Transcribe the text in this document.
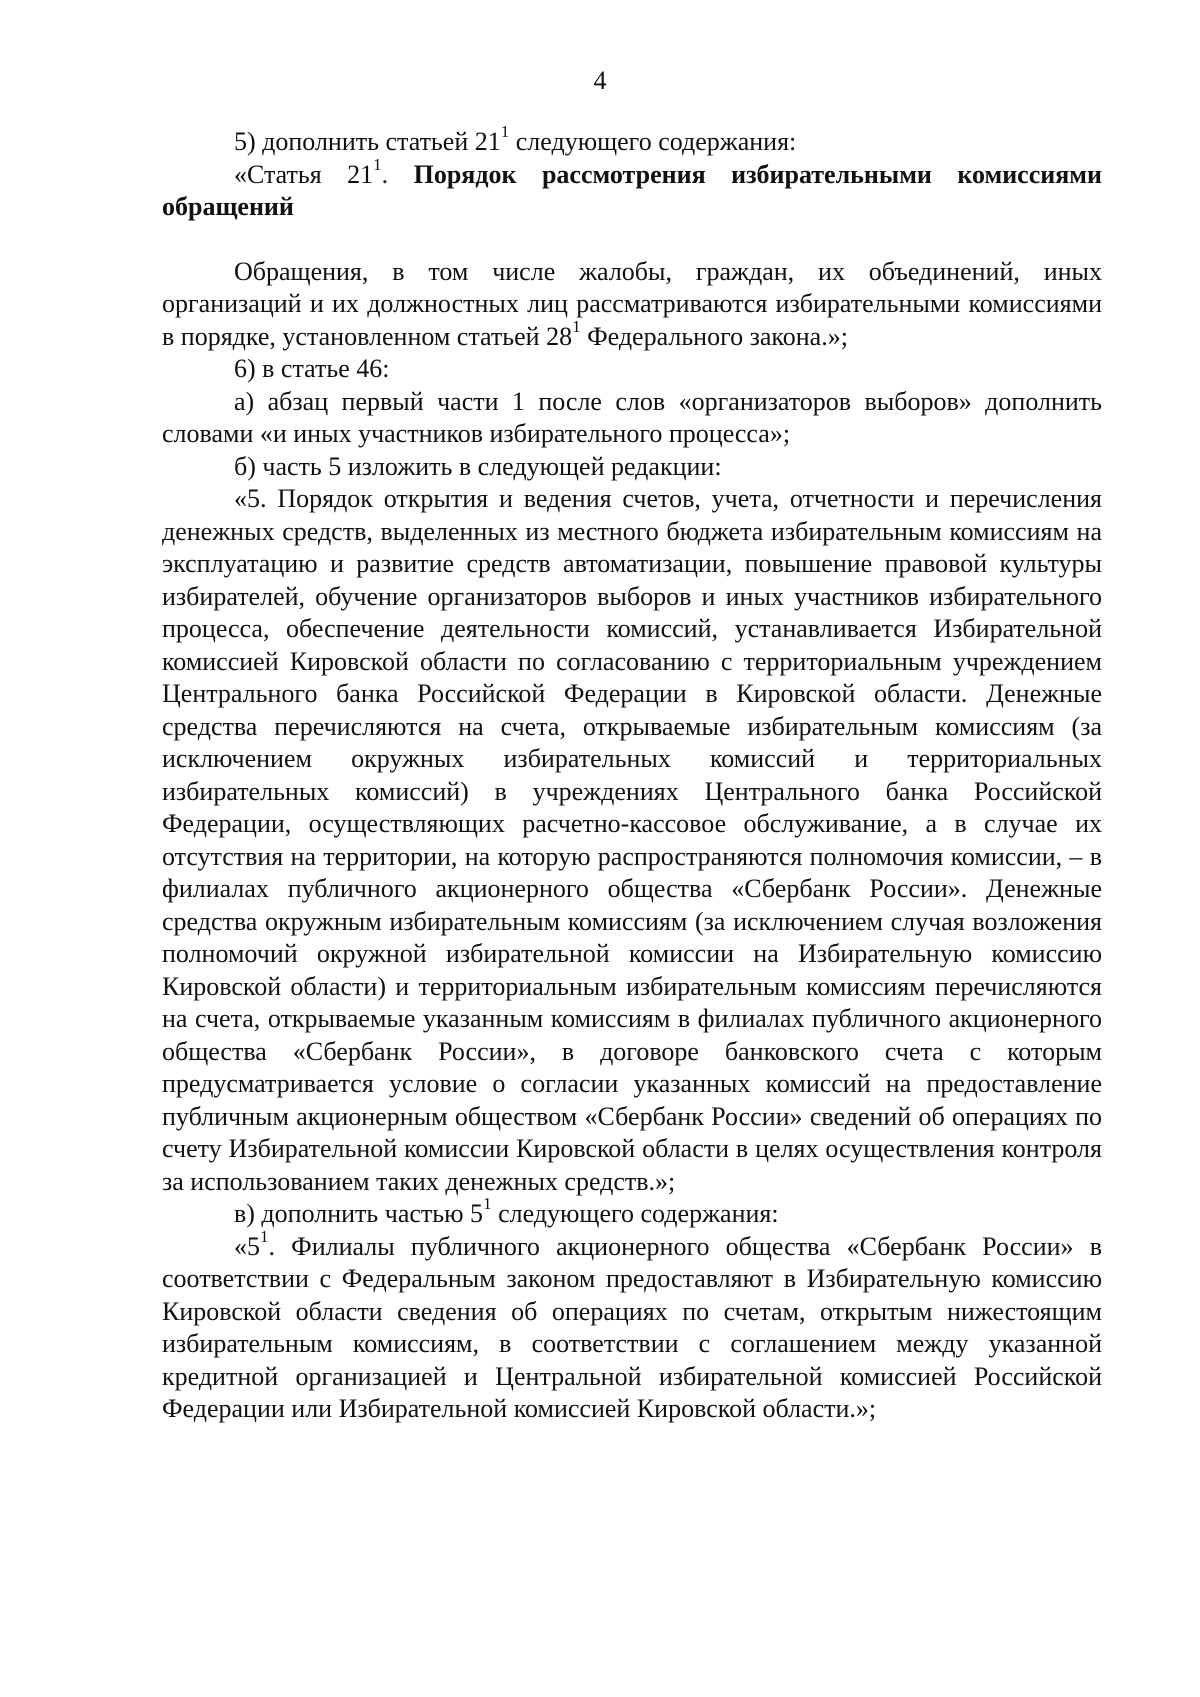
4

5) дополнить статьей $21^1$ следующего содержания:

«Статья $21^1$. Порядок рассмотрения избирательными комиссиями обращений

Обращения, в том числе жалобы, граждан, их объединений, иных организаций и их должностных лиц рассматриваются избирательными комиссиями в порядке, установленном статьей $28^1$ Федерального закона.»;

6) в статье 46:

а) абзац первый части 1 после слов «организаторов выборов» дополнить словами «и иных участников избирательного процесса»;

б) часть 5 изложить в следующей редакции:

«5. Порядок открытия и ведения счетов, учета, отчетности и перечисления денежных средств, выделенных из местного бюджета избирательным комиссиям на эксплуатацию и развитие средств автоматизации, повышение правовой культуры избирателей, обучение организаторов выборов и иных участников избирательного процесса, обеспечение деятельности комиссий, устанавливается Избирательной комиссией Кировской области по согласованию с территориальным учреждением Центрального банка Российской Федерации в Кировской области. Денежные средства перечисляются на счета, открываемые избирательным комиссиям (за исключением окружных избирательных комиссий и территориальных избирательных комиссий) в учреждениях Центрального банка Российской Федерации, осуществляющих расчетно-кассовое обслуживание, а в случае их отсутствия на территории, на которую распространяются полномочия комиссии, – в филиалах публичного акционерного общества «Сбербанк России». Денежные средства окружным избирательным комиссиям (за исключением случая возложения полномочий окружной избирательной комиссии на Избирательную комиссию Кировской области) и территориальным избирательным комиссиям перечисляются на счета, открываемые указанным комиссиям в филиалах публичного акционерного общества «Сбербанк России», в договоре банковского счета с которым предусматривается условие о согласии указанных комиссий на предоставление публичным акционерным обществом «Сбербанк России» сведений об операциях по счету Избирательной комиссии Кировской области в целях осуществления контроля за использованием таких денежных средств.»;

в) дополнить частью $5^1$ следующего содержания:

«$5^1$. Филиалы публичного акционерного общества «Сбербанк России» в соответствии с Федеральным законом предоставляют в Избирательную комиссию Кировской области сведения об операциях по счетам, открытым нижестоящим избирательным комиссиям, в соответствии с соглашением между указанной кредитной организацией и Центральной избирательной комиссией Российской Федерации или Избирательной комиссией Кировской области.»;
